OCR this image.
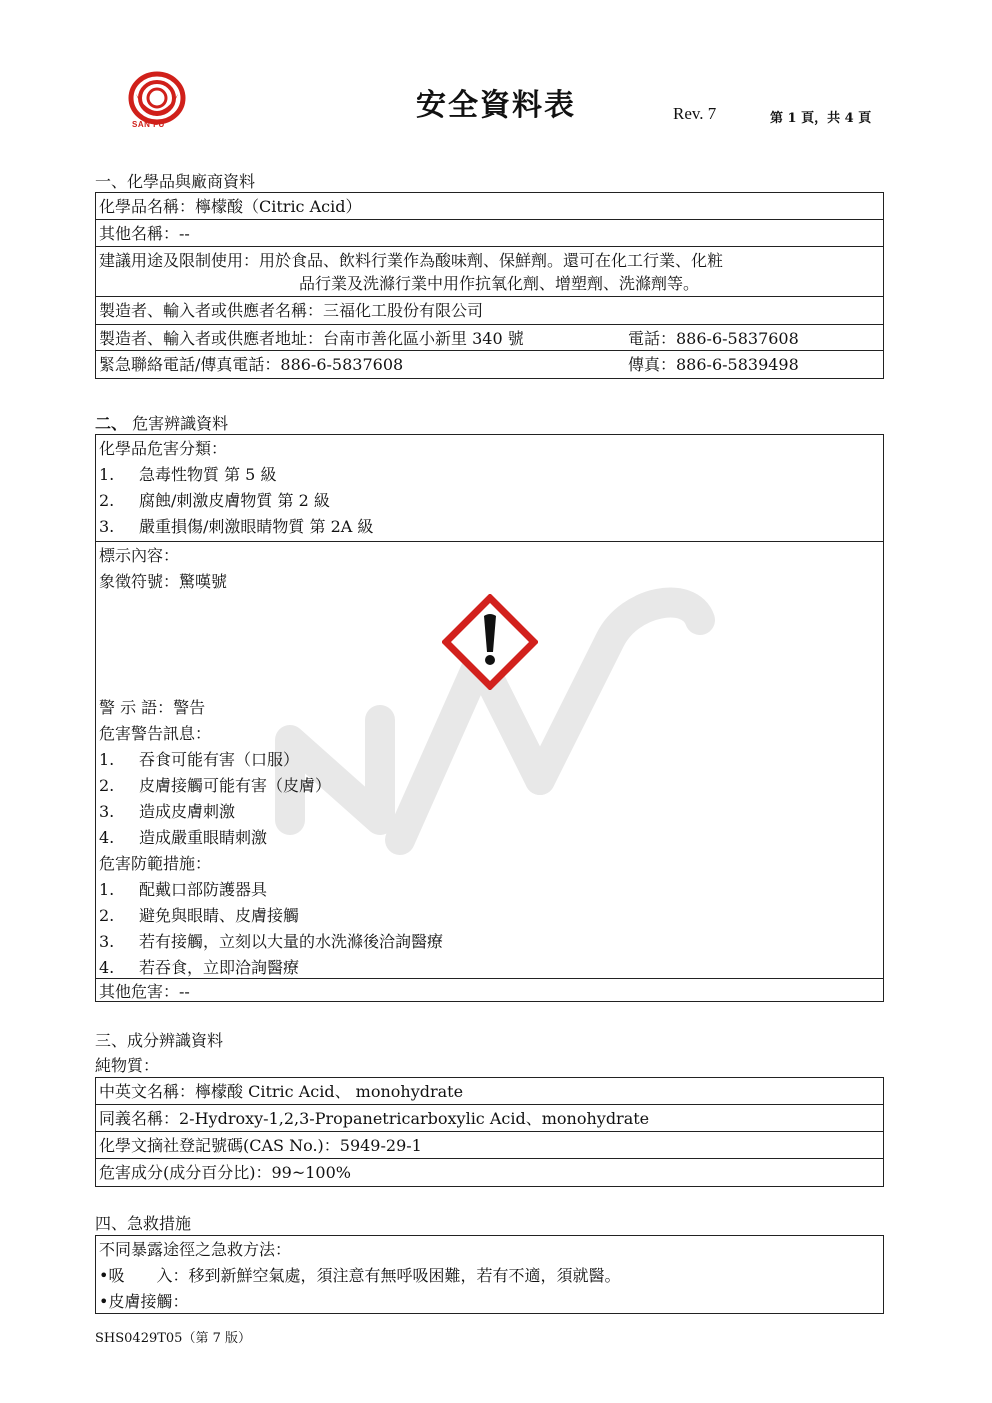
SAN FU
安全資料表	Rev. 7	第 1 頁，共 4 頁
一、化學品與廠商資料
化學品名稱：檸檬酸（Citric Acid）
其他名稱：--
建議用途及限制使用：用於食品、飲料行業作為酸味劑、保鮮劑。還可在化工行業、化粧
品行業及洗滌行業中用作抗氧化劑、增塑劑、洗滌劑等。
製造者、輸入者或供應者名稱：三福化工股份有限公司
製造者、輸入者或供應者地址：台南市善化區小新里 340 號	電話：886-6-5837608
緊急聯絡電話/傳真電話：886-6-5837608	傳真：886-6-5839498
二、 危害辨識資料
化學品危害分類：
1. 急毒性物質 第 5 級
2. 腐蝕/刺激皮膚物質 第 2 級
3. 嚴重損傷/刺激眼睛物質 第 2A 級
標示內容：
象徵符號：驚嘆號
警 示 語：警告
危害警告訊息：
1. 吞食可能有害（口服）
2. 皮膚接觸可能有害（皮膚）
3. 造成皮膚刺激
4. 造成嚴重眼睛刺激
危害防範措施：
1. 配戴口部防護器具
2. 避免與眼睛、皮膚接觸
3. 若有接觸，立刻以大量的水洗滌後洽詢醫療
4. 若吞食，立即洽詢醫療
其他危害：--
三、成分辨識資料
純物質：
中英文名稱：檸檬酸 Citric Acid、 monohydrate
同義名稱：2-Hydroxy-1,2,3-Propanetricarboxylic Acid、monohydrate
化學文摘社登記號碼(CAS No.)：5949-29-1
危害成分(成分百分比)：99~100%
四、急救措施
不同暴露途徑之急救方法：
•吸　　入：移到新鮮空氣處，須注意有無呼吸困難，若有不適，須就醫。
•皮膚接觸：
SHS0429T05（第 7 版）
